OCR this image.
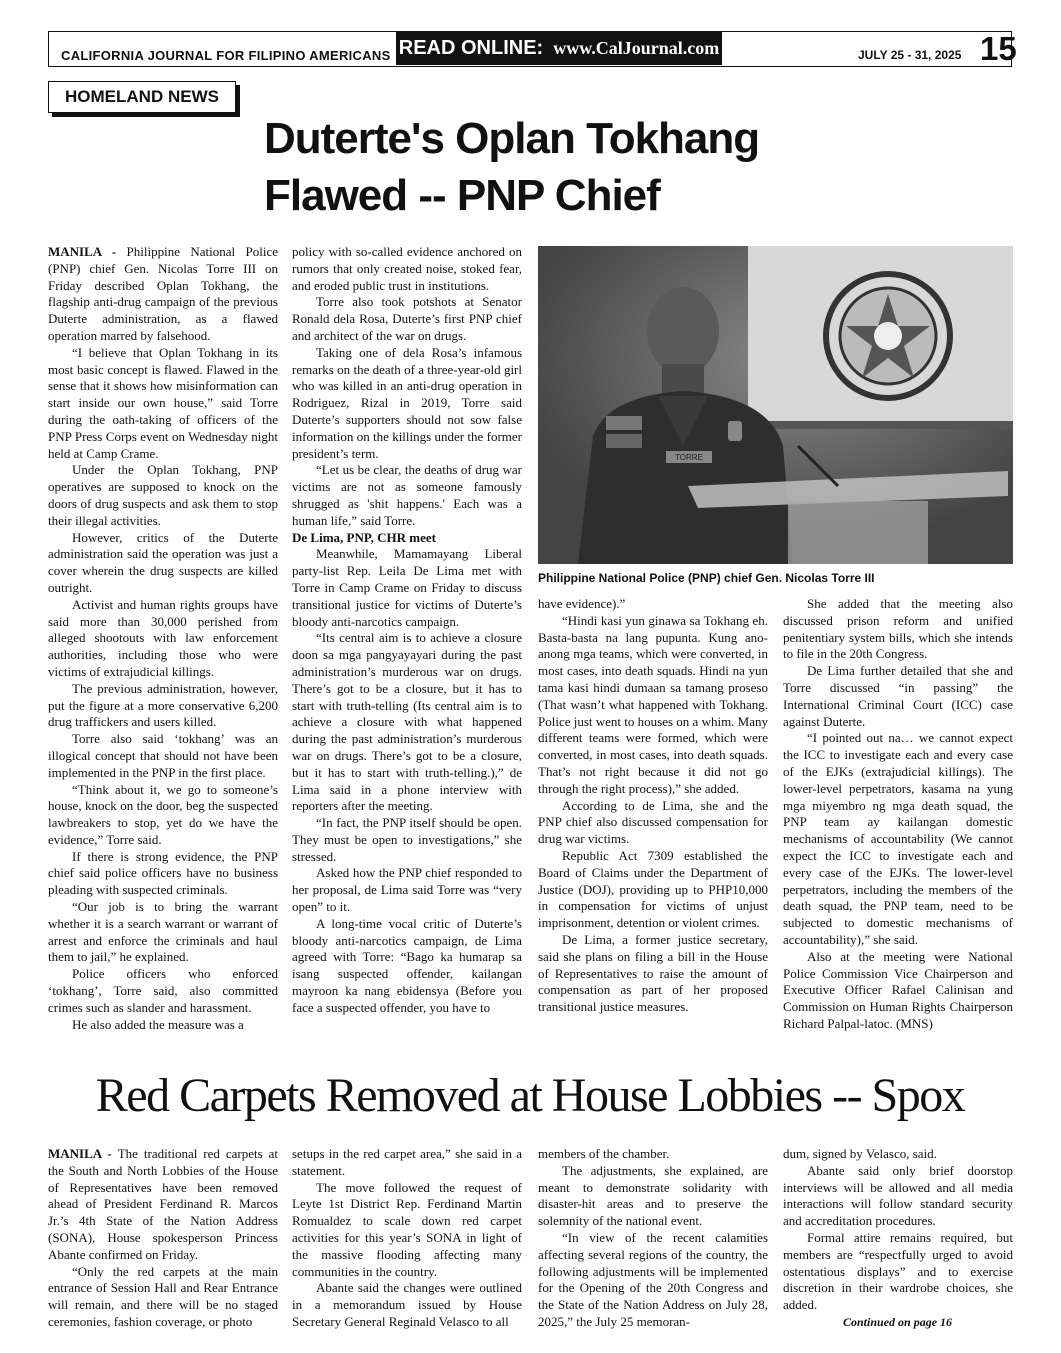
CALIFORNIA JOURNAL FOR FILIPINO AMERICANS READ ONLINE: www.CalJournal.com	JULY 25 - 31, 2025 15
HOMELAND NEWS
Duterte's Oplan Tokhang
Flawed -- PNP Chief

MANILA - Philippine National Police (PNP) chief Gen. Nicolas Torre III on Friday described Oplan Tokhang, the flagship anti-drug campaign of the previous Duterte administration, as a flawed operation marred by falsehood.

“I believe that Oplan Tokhang in its most basic concept is flawed. Flawed in the sense that it shows how misinformation can start inside our own house,” said Torre during the oath-taking of officers of the PNP Press Corps event on Wednesday night held at Camp Crame.

Under the Oplan Tokhang, PNP operatives are supposed to knock on the doors of drug suspects and ask them to stop their illegal activities.

However, critics of the Duterte administration said the operation was just a cover wherein the drug suspects are killed outright.

Activist and human rights groups have said more than 30,000 perished from alleged shootouts with law enforcement authorities, including those who were victims of extrajudicial killings.

The previous administration, however, put the figure at a more conservative 6,200 drug traffickers and users killed.

Torre also said ‘tokhang’ was an illogical concept that should not have been implemented in the PNP in the first place.

“Think about it, we go to someone’s house, knock on the door, beg the suspected lawbreakers to stop, yet do we have the evidence,” Torre said.

If there is strong evidence, the PNP chief said police officers have no business pleading with suspected criminals.

“Our job is to bring the warrant whether it is a search warrant or warrant of arrest and enforce the criminals and haul them to jail,” he explained.

Police officers who enforced ‘tokhang’, Torre said, also committed crimes such as slander and harassment.

He also added the measure was a

policy with so-called evidence anchored on rumors that only created noise, stoked fear, and eroded public trust in institutions.

Torre also took potshots at Senator Ronald dela Rosa, Duterte’s first PNP chief and architect of the war on drugs.

Taking one of dela Rosa’s infamous remarks on the death of a three-year-old girl who was killed in an anti-drug operation in Rodriguez, Rizal in 2019, Torre said Duterte’s supporters should not sow false information on the killings under the former president’s term.

“Let us be clear, the deaths of drug war victims are not as someone famously shrugged as 'shit happens.' Each was a human life,” said Torre.

De Lima, PNP, CHR meet

Meanwhile, Mamamayang Liberal party-list Rep. Leila De Lima met with Torre in Camp Crame on Friday to discuss transitional justice for victims of Duterte’s bloody anti-narcotics campaign.

“Its central aim is to achieve a closure doon sa mga pangyayayari during the past administration’s murderous war on drugs. There’s got to be a closure, but it has to start with truth-telling (Its central aim is to achieve a closure with what happened during the past administration’s murderous war on drugs. There’s got to be a closure, but it has to start with truth-telling.),” de Lima said in a phone interview with reporters after the meeting.

“In fact, the PNP itself should be open. They must be open to investigations,” she stressed.

Asked how the PNP chief responded to her proposal, de Lima said Torre was “very open” to it.

A long-time vocal critic of Duterte’s bloody anti-narcotics campaign, de Lima agreed with Torre: “Bago ka humarap sa isang suspected offender, kailangan mayroon ka nang ebidensya (Before you face a suspected offender, you have to

have evidence).”

“Hindi kasi yun ginawa sa Tokhang eh. Basta-basta na lang pupunta. Kung ano-anong mga teams, which were converted, in most cases, into death squads. Hindi na yun tama kasi hindi dumaan sa tamang proseso (That wasn’t what happened with Tokhang. Police just went to houses on a whim. Many different teams were formed, which were converted, in most cases, into death squads. That’s not right because it did not go through the right process),” she added.

According to de Lima, she and the PNP chief also discussed compensation for drug war victims.

Republic Act 7309 established the Board of Claims under the Department of Justice (DOJ), providing up to PHP10,000 in compensation for victims of unjust imprisonment, detention or violent crimes.

De Lima, a former justice secretary, said she plans on filing a bill in the House of Representatives to raise the amount of compensation as part of her proposed transitional justice measures.

She added that the meeting also discussed prison reform and unified penitentiary system bills, which she intends to file in the 20th Congress.

De Lima further detailed that she and Torre discussed “in passing” the International Criminal Court (ICC) case against Duterte.

“I pointed out na… we cannot expect the ICC to investigate each and every case of the EJKs (extrajudicial killings). The lower-level perpetrators, kasama na yung mga miyembro ng mga death squad, the PNP team ay kailangan domestic mechanisms of accountability (We cannot expect the ICC to investigate each and every case of the EJKs. The lower-level perpetrators, including the members of the death squad, the PNP team, need to be subjected to domestic mechanisms of accountability),” she said.

Also at the meeting were National Police Commission Vice Chairperson and Executive Officer Rafael Calinisan and Commission on Human Rights Chairperson Richard Palpal-latoc. (MNS)

TORRE
Philippine National Police (PNP) chief Gen. Nicolas Torre III
Red Carpets Removed at House Lobbies -- Spox

MANILA - The traditional red carpets at the South and North Lobbies of the House of Representatives have been removed ahead of President Ferdinand R. Marcos Jr.’s 4th State of the Nation Address (SONA), House spokesperson Princess Abante confirmed on Friday.

“Only the red carpets at the main entrance of Session Hall and Rear Entrance will remain, and there will be no staged ceremonies, fashion coverage, or photo

setups in the red carpet area,” she said in a statement.

The move followed the request of Leyte 1st District Rep. Ferdinand Martin Romualdez to scale down red carpet activities for this year’s SONA in light of the massive flooding affecting many communities in the country.

Abante said the changes were outlined in a memorandum issued by House Secretary General Reginald Velasco to all

members of the chamber.

The adjustments, she explained, are meant to demonstrate solidarity with disaster-hit areas and to preserve the solemnity of the national event.

“In view of the recent calamities affecting several regions of the country, the following adjustments will be implemented for the Opening of the 20th Congress and the State of the Nation Address on July 28, 2025,” the July 25 memoran-

dum, signed by Velasco, said.

Abante said only brief doorstop interviews will be allowed and all media interactions will follow standard security and accreditation procedures.

Formal attire remains required, but members are “respectfully urged to avoid ostentatious displays” and to exercise discretion in their wardrobe choices, she added.

Continued on page 16
